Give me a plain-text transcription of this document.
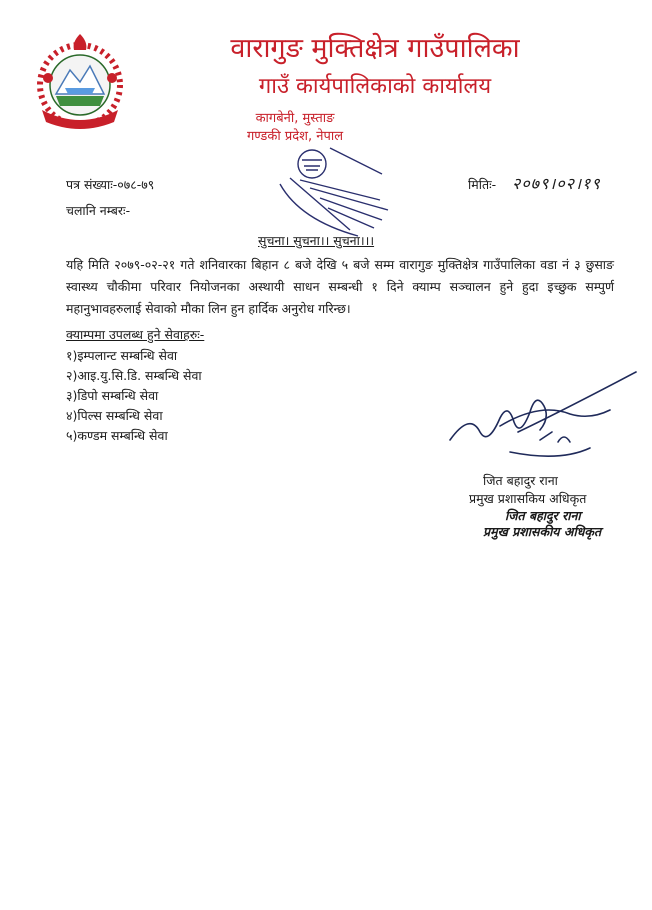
वारागुङ मुक्तिक्षेत्र गाउँपालिका
गाउँ कार्यपालिकाको कार्यालय
कागबेनी, मुस्ताङ
गण्डकी प्रदेश, नेपाल
पत्र संख्याः-०७८-७९
चलानि नम्बरः-
मितिः- २०७९।०२।१९
सुचना। सुचना।। सुचना।।।
यहि मिति २०७९-०२-२१ गते शनिवारका बिहान ८ बजे देखि ५ बजे सम्म वारागुङ मुक्तिक्षेत्र गाउँपालिका वडा नं ३ छुसाङ स्वास्थ्य चौकीमा परिवार नियोजनका अस्थायी साधन सम्बन्धी १ दिने क्याम्प सञ्चालन हुने हुदा इच्छुक सम्पुर्ण महानुभावहरुलाई सेवाको मौका लिन हुन हार्दिक अनुरोध गरिन्छ।
क्याम्पमा उपलब्ध हुने सेवाहरुः-
१)इम्पलान्ट सम्बन्धि सेवा
२)आइ.यु.सि.डि. सम्बन्धि सेवा
३)डिपो सम्बन्धि सेवा
४)पिल्स सम्बन्धि सेवा
५)कण्डम सम्बन्धि सेवा
जित बहादुर राना
प्रमुख प्रशासकिय अधिकृत
जित बहादुर राना
प्रमुख प्रशासकीय अधिकृत
